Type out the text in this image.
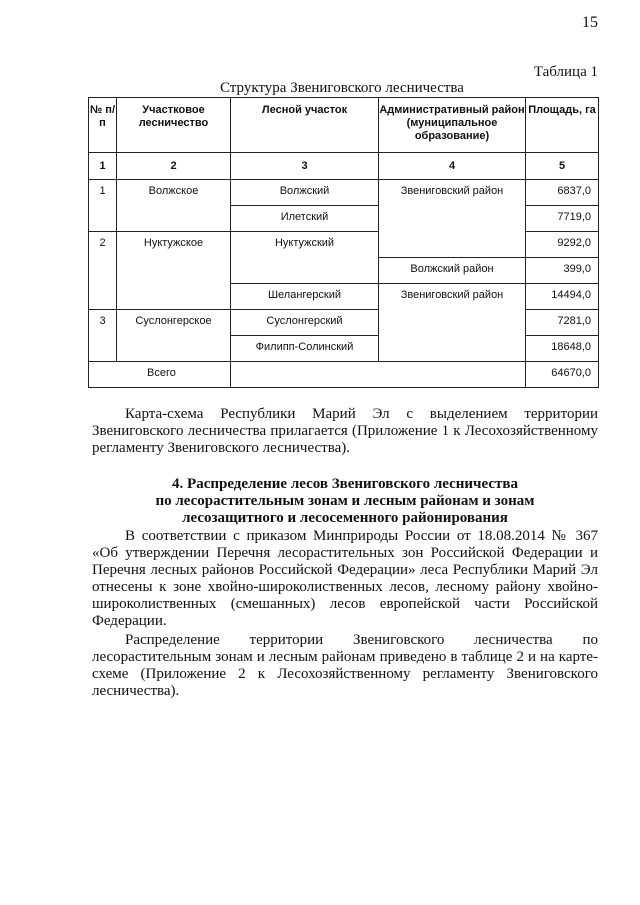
15
Таблица 1
Структура Звениговского лесничества
№ п/п	Участковое лесничество	Лесной участок	Административный район (муниципальное образование)	Площадь, га
1	2	3	4	5
1	Волжское	Волжский	Звениговский район	6837,0
		Илетский		7719,0
2	Нуктужское	Нуктужский		9292,0
			Волжский район	399,0
		Шелангерский	Звениговский район	14494,0
3	Суслонгерское	Суслонгерский		7281,0
		Филипп-Солинский		18648,0
Всего				64670,0
Карта-схема Республики Марий Эл с выделением территории Звениговского лесничества прилагается (Приложение 1 к Лесохозяйственному регламенту Звениговского лесничества).
4. Распределение лесов Звениговского лесничества
по лесорастительным зонам и лесным районам и зонам
лесозащитного и лесосеменного районирования
В соответствии с приказом Минприроды России от 18.08.2014 № 367 «Об утверждении Перечня лесорастительных зон Российской Федерации и Перечня лесных районов Российской Федерации» леса Республики Марий Эл отнесены к зоне хвойно-широколиственных лесов, лесному району хвойно-широколиственных (смешанных) лесов европейской части Российской Федерации.
Распределение территории Звениговского лесничества по лесорастительным зонам и лесным районам приведено в таблице 2 и на карте-схеме (Приложение 2 к Лесохозяйственному регламенту Звениговского лесничества).
